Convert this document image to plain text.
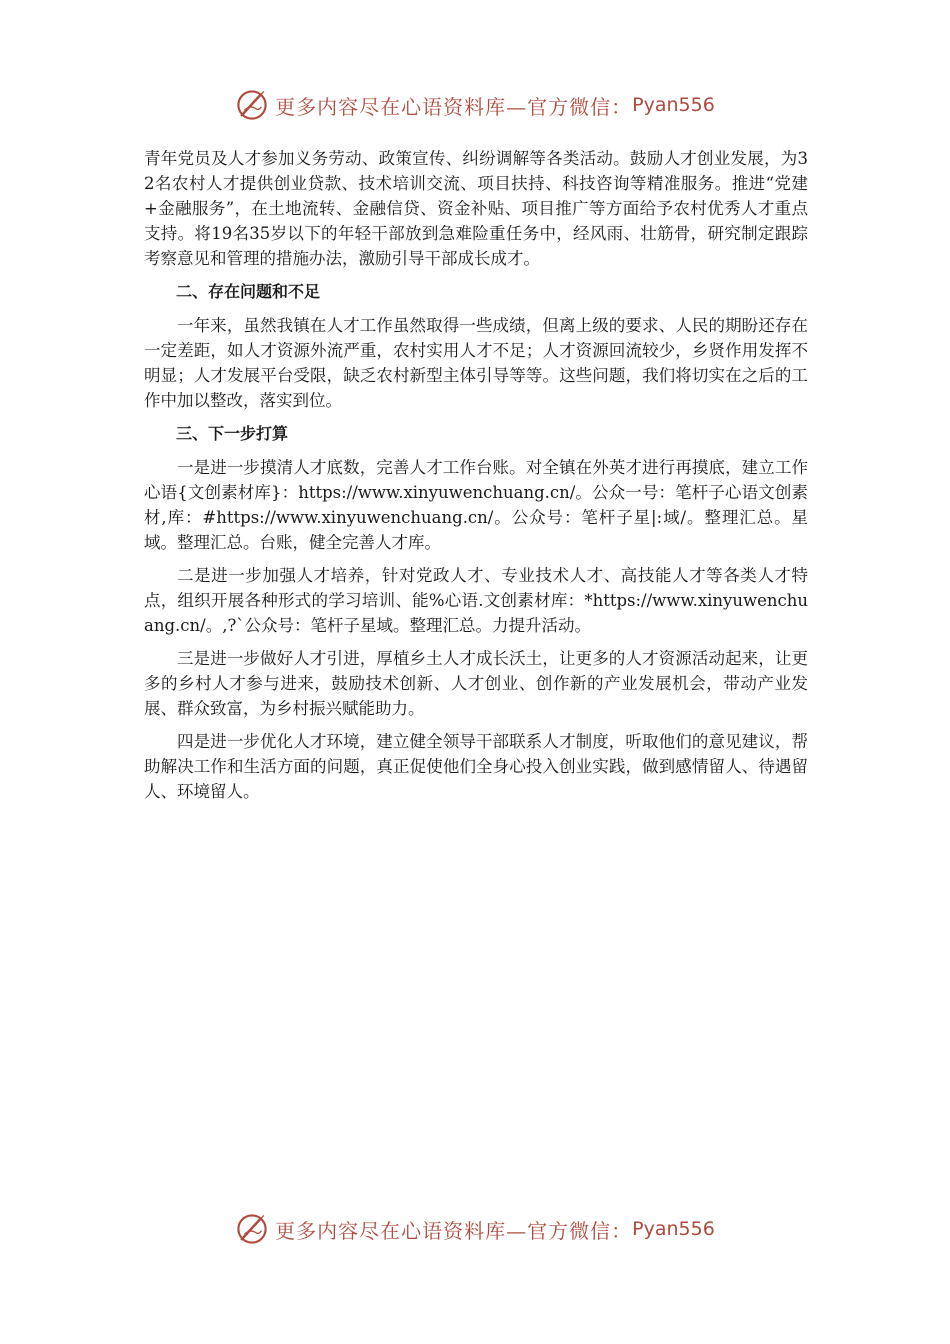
更多内容尽在心语资料库—官方微信： Pyan556

青年党员及人才参加义务劳动、政策宣传、纠纷调解等各类活动。鼓励人才创业发展，为32名农村人才提供创业贷款、技术培训交流、项目扶持、科技咨询等精准服务。推进“党建+金融服务”，在土地流转、金融信贷、资金补贴、项目推广等方面给予农村优秀人才重点支持。将19名35岁以下的年轻干部放到急难险重任务中，经风雨、壮筋骨，研究制定跟踪考察意见和管理的措施办法，激励引导干部成长成才。

二、存在问题和不足

一年来，虽然我镇在人才工作虽然取得一些成绩，但离上级的要求、人民的期盼还存在一定差距，如人才资源外流严重，农村实用人才不足；人才资源回流较少，乡贤作用发挥不明显；人才发展平台受限，缺乏农村新型主体引导等等。这些问题，我们将切实在之后的工作中加以整改，落实到位。

三、下一步打算

一是进一步摸清人才底数，完善人才工作台账。对全镇在外英才进行再摸底，建立工作心语{文创素材库}：https://www.xinyuwenchuang.cn/。公众一号：笔杆子心语文创素材,库：#https://www.xinyuwenchuang.cn/。公众号：笔杆子星|:域/。整理汇总。星域。整理汇总。台账，健全完善人才库。

二是进一步加强人才培养，针对党政人才、专业技术人才、高技能人才等各类人才特点，组织开展各种形式的学习培训、能%心语.文创素材库：*https://www.xinyuwenchuang.cn/。,?`公众号：笔杆子星域。整理汇总。力提升活动。

三是进一步做好人才引进，厚植乡土人才成长沃土，让更多的人才资源活动起来，让更多的乡村人才参与进来，鼓励技术创新、人才创业、创作新的产业发展机会，带动产业发展、群众致富，为乡村振兴赋能助力。

四是进一步优化人才环境，建立健全领导干部联系人才制度，听取他们的意见建议，帮助解决工作和生活方面的问题，真正促使他们全身心投入创业实践，做到感情留人、待遇留人、环境留人。

更多内容尽在心语资料库—官方微信： Pyan556
